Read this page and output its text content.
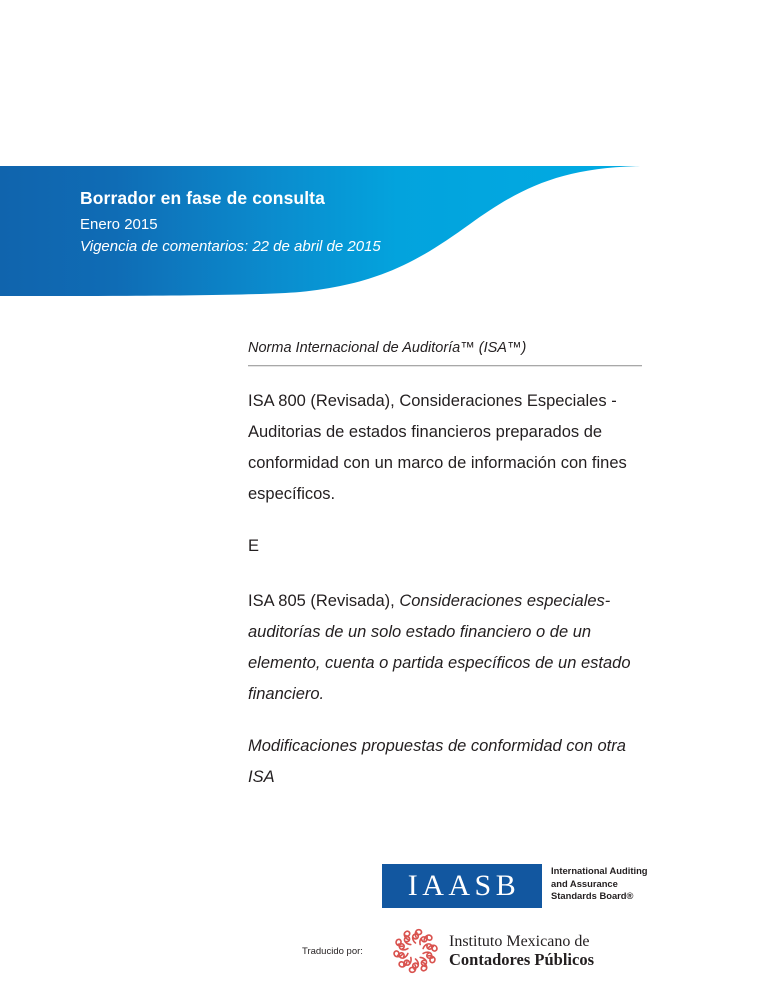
Borrador en fase de consulta
Enero 2015
Vigencia de comentarios: 22 de abril de 2015
Norma Internacional de Auditoría™ (ISA™)
ISA 800 (Revisada), Consideraciones Especiales - Auditorias de estados financieros preparados de conformidad con un marco de información con fines específicos.
E
ISA 805 (Revisada), Consideraciones especiales- auditorías de un solo estado financiero o de un elemento, cuenta o partida específicos de un estado financiero.
Modificaciones propuestas de conformidad con otra ISA
IAASB	International Auditing
and Assurance
Standards Board®
Traducido por:
Instituto Mexicano de
Contadores Públicos
